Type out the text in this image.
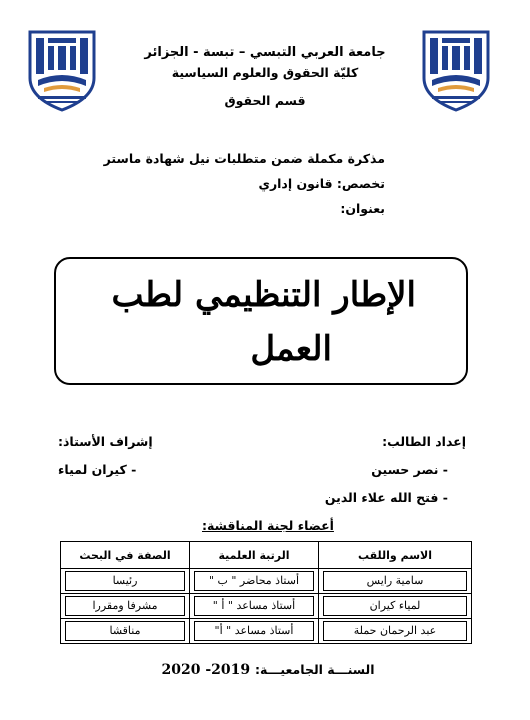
جامعة العربي التبسي – تبسة - الجزائر
كليّة الحقوق والعلوم السياسية
قسم الحقوق
مذكرة مكملة ضمن متطلبات نيل شهادة ماستر
تخصص: قانون إداري
بعنوان:
الإطار التنظيمي لطب
العمل
إعداد الطالب:
- نصر حسين
- فتح الله علاء الدين
إشراف الأستاذ:
- كيران لمياء
أعضاء لجنة المناقشة:
الاسم واللقب	الرتبة العلمية	الصفة في البحث

سامية رايس	أستاذ محاضر " ب "	رئيسا

لمياء كيران	أستاذ مساعد " أ "	مشرفا ومقررا

عبد الرحمان حملة	أستاذ مساعد " أ"	مناقشا
السنـــة الجامعيـــة: 2019- 2020
